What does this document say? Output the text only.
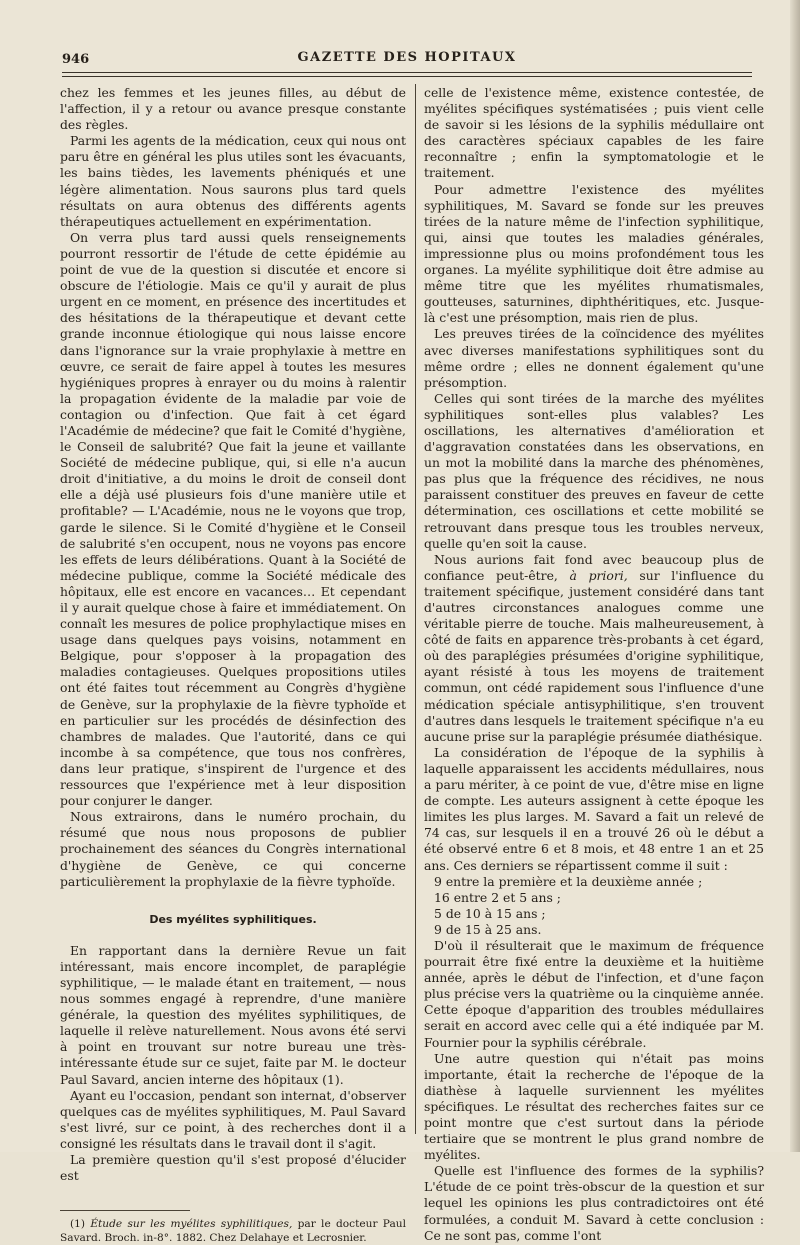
946	GAZETTE DES HOPITAUX

chez les femmes et les jeunes filles, au début de l'affection, il y a retour ou avance presque constante des règles.

Parmi les agents de la médication, ceux qui nous ont paru être en général les plus utiles sont les évacuants, les bains tièdes, les lavements phéniqués et une légère alimentation. Nous saurons plus tard quels résultats on aura obtenus des différents agents thérapeutiques actuellement en expérimentation.

On verra plus tard aussi quels renseignements pourront ressortir de l'étude de cette épidémie au point de vue de la question si discutée et encore si obscure de l'étiologie. Mais ce qu'il y aurait de plus urgent en ce moment, en présence des incertitudes et des hésitations de la thérapeutique et devant cette grande inconnue étiologique qui nous laisse encore dans l'ignorance sur la vraie prophylaxie à mettre en œuvre, ce serait de faire appel à toutes les mesures hygiéniques propres à enrayer ou du moins à ralentir la propagation évidente de la maladie par voie de contagion ou d'infection. Que fait à cet égard l'Académie de médecine? que fait le Comité d'hygiène, le Conseil de salubrité? Que fait la jeune et vaillante Société de médecine publique, qui, si elle n'a aucun droit d'initiative, a du moins le droit de conseil dont elle a déjà usé plusieurs fois d'une manière utile et profitable? — L'Académie, nous ne le voyons que trop, garde le silence. Si le Comité d'hygiène et le Conseil de salubrité s'en occupent, nous ne voyons pas encore les effets de leurs délibérations. Quant à la Société de médecine publique, comme la Société médicale des hôpitaux, elle est encore en vacances… Et cependant il y aurait quelque chose à faire et immédiatement. On connaît les mesures de police prophylactique mises en usage dans quelques pays voisins, notamment en Belgique, pour s'opposer à la propagation des maladies contagieuses. Quelques propositions utiles ont été faites tout récemment au Congrès d'hygiène de Genève, sur la prophylaxie de la fièvre typhoïde et en particulier sur les procédés de désinfection des chambres de malades. Que l'autorité, dans ce qui incombe à sa compétence, que tous nos confrères, dans leur pratique, s'inspirent de l'urgence et des ressources que l'expérience met à leur disposition pour conjurer le danger.

Nous extrairons, dans le numéro prochain, du résumé que nous nous proposons de publier prochainement des séances du Congrès international d'hygiène de Genève, ce qui concerne particulièrement la prophylaxie de la fièvre typhoïde.

Des myélites syphilitiques.

En rapportant dans la dernière Revue un fait intéressant, mais encore incomplet, de paraplégie syphilitique, — le malade étant en traitement, — nous nous sommes engagé à reprendre, d'une manière générale, la question des myélites syphilitiques, de laquelle il relève naturellement. Nous avons été servi à point en trouvant sur notre bureau une très-intéressante étude sur ce sujet, faite par M. le docteur Paul Savard, ancien interne des hôpitaux (1).

Ayant eu l'occasion, pendant son internat, d'observer quelques cas de myélites syphilitiques, M. Paul Savard s'est livré, sur ce point, à des recherches dont il a consigné les résultats dans le travail dont il s'agit.

La première question qu'il s'est proposé d'élucider est

(1) Étude sur les myélites syphilitiques, par le docteur Paul Savard. Broch. in-8°. 1882. Chez Delahaye et Lecrosnier.

celle de l'existence même, existence contestée, de myélites spécifiques systématisées ; puis vient celle de savoir si les lésions de la syphilis médullaire ont des caractères spéciaux capables de les faire reconnaître ; enfin la symptomatologie et le traitement.

Pour admettre l'existence des myélites syphilitiques, M. Savard se fonde sur les preuves tirées de la nature même de l'infection syphilitique, qui, ainsi que toutes les maladies générales, impressionne plus ou moins profondément tous les organes. La myélite syphilitique doit être admise au même titre que les myélites rhumatismales, goutteuses, saturnines, diphthéritiques, etc. Jusque-là c'est une présomption, mais rien de plus.

Les preuves tirées de la coïncidence des myélites avec diverses manifestations syphilitiques sont du même ordre ; elles ne donnent également qu'une présomption.

Celles qui sont tirées de la marche des myélites syphilitiques sont-elles plus valables? Les oscillations, les alternatives d'amélioration et d'aggravation constatées dans les observations, en un mot la mobilité dans la marche des phénomènes, pas plus que la fréquence des récidives, ne nous paraissent constituer des preuves en faveur de cette détermination, ces oscillations et cette mobilité se retrouvant dans presque tous les troubles nerveux, quelle qu'en soit la cause.

Nous aurions fait fond avec beaucoup plus de confiance peut-être, à priori, sur l'influence du traitement spécifique, justement considéré dans tant d'autres circonstances analogues comme une véritable pierre de touche. Mais malheureusement, à côté de faits en apparence très-probants à cet égard, où des paraplégies présumées d'origine syphilitique, ayant résisté à tous les moyens de traitement commun, ont cédé rapidement sous l'influence d'une médication spéciale antisyphilitique, s'en trouvent d'autres dans lesquels le traitement spécifique n'a eu aucune prise sur la paraplégie présumée diathésique.

La considération de l'époque de la syphilis à laquelle apparaissent les accidents médullaires, nous a paru mériter, à ce point de vue, d'être mise en ligne de compte. Les auteurs assignent à cette époque les limites les plus larges. M. Savard a fait un relevé de 74 cas, sur lesquels il en a trouvé 26 où le début a été observé entre 6 et 8 mois, et 48 entre 1 an et 25 ans. Ces derniers se répartissent comme il suit :

9 entre la première et la deuxième année ;

16 entre 2 et 5 ans ;

5 de 10 à 15 ans ;

9 de 15 à 25 ans.

D'où il résulterait que le maximum de fréquence pourrait être fixé entre la deuxième et la huitième année, après le début de l'infection, et d'une façon plus précise vers la quatrième ou la cinquième année. Cette époque d'apparition des troubles médullaires serait en accord avec celle qui a été indiquée par M. Fournier pour la syphilis cérébrale.

Une autre question qui n'était pas moins importante, était la recherche de l'époque de la diathèse à laquelle surviennent les myélites spécifiques. Le résultat des recherches faites sur ce point montre que c'est surtout dans la période tertiaire que se montrent le plus grand nombre de myélites.

Quelle est l'influence des formes de la syphilis? L'étude de ce point très-obscur de la question et sur lequel les opinions les plus contradictoires ont été formulées, a conduit M. Savard à cette conclusion : Ce ne sont pas, comme l'ont
